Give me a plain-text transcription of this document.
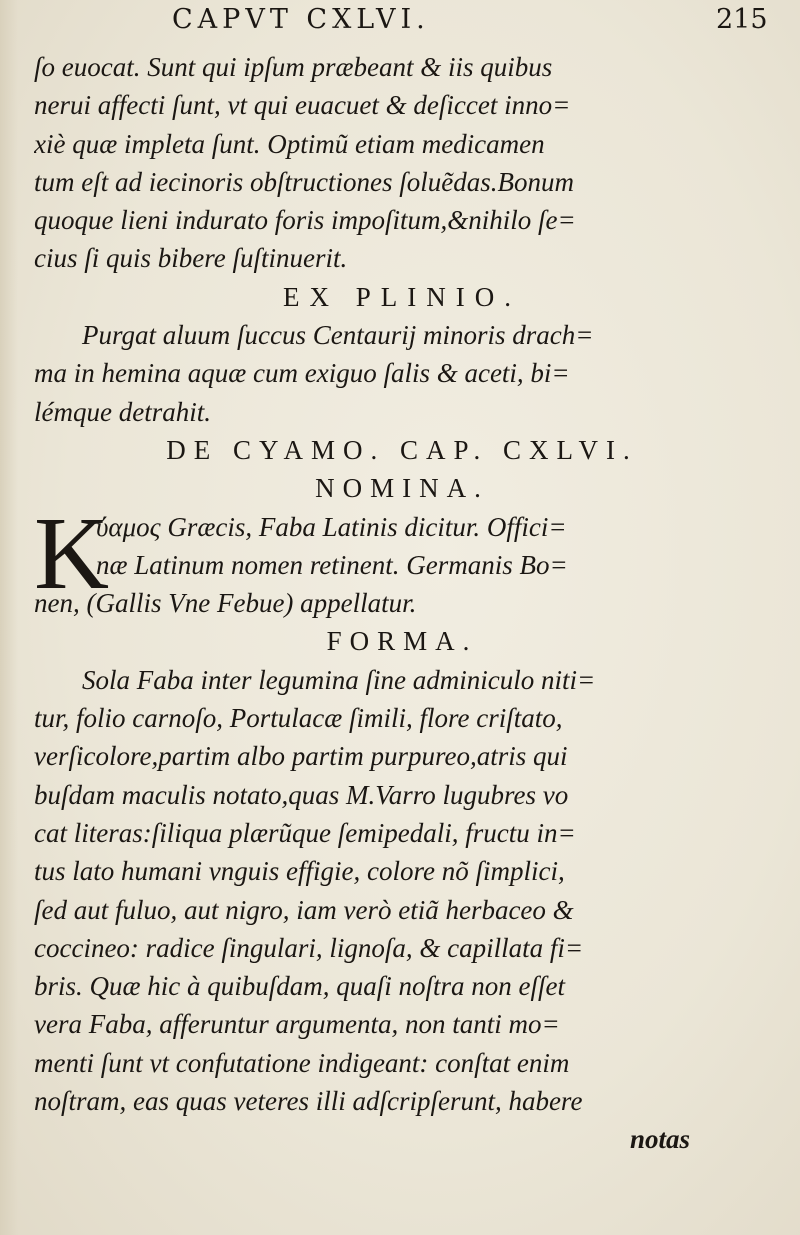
CAPVT CXLVI.	215
ſo euocat. Sunt qui ipſum præbeant & iis quibus
nerui affecti ſunt, vt qui euacuet & deſiccet inno=
xiè quæ impleta ſunt. Optimũ etiam medicamen
tum eſt ad iecinoris obſtructiones ſoluẽdas.Bonum
quoque lieni indurato foris impoſitum,&nihilo ſe=
cius ſi quis bibere ſuſtinuerit.
EX PLINIO.
Purgat aluum ſuccus Centaurij minoris drach=
ma in hemina aquæ cum exiguo ſalis & aceti, bi=
lémque detrahit.
DE CYAMO. CAP. CXLVI.
NOMINA.
K
ύαμος Græcis, Faba Latinis dicitur. Offici=
næ Latinum nomen retinent. Germanis Bo=
nen, (Gallis Vne Febue) appellatur.
FORMA.
Sola Faba inter legumina ſine adminiculo niti=
tur, folio carnoſo, Portulacæ ſimili, flore criſtato,
verſicolore,partim albo partim purpureo,atris qui
buſdam maculis notato,quas M.Varro lugubres vo
cat literas:ſiliqua plærũque ſemipedali, fructu in=
tus lato humani vnguis effigie, colore nõ ſimplici,
ſed aut fuluo, aut nigro, iam verò etiã herbaceo &
coccineo: radice ſingulari, lignoſa, & capillata fi=
bris. Quæ hic à quibuſdam, quaſi noſtra non eſſet
vera Faba, afferuntur argumenta, non tanti mo=
menti ſunt vt confutatione indigeant: conſtat enim
noſtram, eas quas veteres illi adſcripſerunt, habere
notas
